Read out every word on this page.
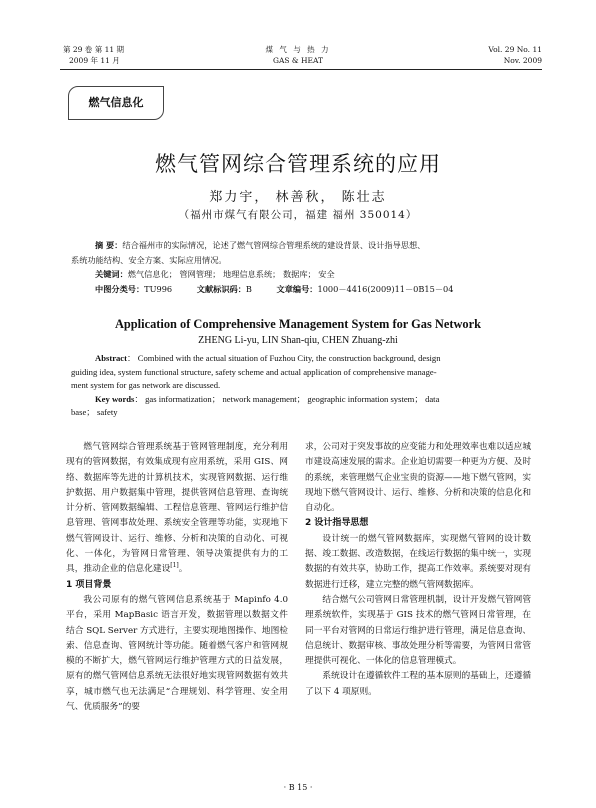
第 29 卷 第 11 期
2009 年 11 月
煤 气 与 热 力
GAS & HEAT
Vol. 29 No. 11
Nov. 2009
燃气信息化
燃气管网综合管理系统的应用
郑力宇， 林善秋， 陈壮志
（福州市煤气有限公司，福建 福州 350014）
摘 要：结合福州市的实际情况，论述了燃气管网综合管理系统的建设背景、设计指导思想、
系统功能结构、安全方案、实际应用情况。
关键词：燃气信息化； 管网管理； 地理信息系统； 数据库； 安全
中图分类号：TU996	文献标识码：B	文章编号：1000－4416(2009)11－0B15－04
Application of Comprehensive Management System for Gas Network
ZHENG Li-yu, LIN Shan-qiu, CHEN Zhuang-zhi
Abstract： Combined with the actual situation of Fuzhou City, the construction background, design
guiding idea, system functional structure, safety scheme and actual application of comprehensive manage-
ment system for gas network are discussed.
Key words： gas informatization； network management； geographic information system； data
base； safety

燃气管网综合管理系统基于管网管理制度，充分利用现有的管网数据，有效集成现有应用系统，采用 GIS、网络、数据库等先进的计算机技术，实现管网数据、运行维护数据、用户数据集中管理，提供管网信息管理、查询统计分析、管网数据编辑、工程信息管理、管网运行维护信息管理、管网事故处理、系统安全管理等功能，实现地下燃气管网设计、运行、维修、分析和决策的自动化、可视化、一体化，为管网日常管理、领导决策提供有力的工具，推动企业的信息化建设[1]。

1 项目背景

我公司原有的燃气管网信息系统基于 Mapinfo 4.0 平台，采用 MapBasic 语言开发，数据管理以数据文件结合 SQL Server 方式进行，主要实现地图操作、地图检索、信息查询、管网统计等功能。随着燃气客户和管网规模的不断扩大，燃气管网运行维护管理方式的日益发展，原有的燃气管网信息系统无法很好地实现管网数据有效共享，城市燃气也无法满足“合理规划、科学管理、安全用气、优质服务”的要

求，公司对于突发事故的应变能力和处理效率也难以适应城市建设高速发展的需求。企业迫切需要一种更为方便、及时的系统，来管理燃气企业宝贵的资源——地下燃气管网，实现地下燃气管网设计、运行、维修、分析和决策的信息化和自动化。

2 设计指导思想

设计统一的燃气管网数据库，实现燃气管网的设计数据、竣工数据、改造数据，在线运行数据的集中统一，实现数据的有效共享，协助工作，提高工作效率。系统要对现有数据进行迁移，建立完整的燃气管网数据库。

结合燃气公司管网日常管理机制，设计开发燃气管网管理系统软件，实现基于 GIS 技术的燃气管网日常管理，在同一平台对管网的日常运行维护进行管理，满足信息查询、信息统计、数据审核、事故处理分析等需要，为管网日常管理提供可视化、一体化的信息管理模式。

系统设计在遵循软件工程的基本原则的基础上，还遵循了以下 4 项原则。

· B 15 ·
